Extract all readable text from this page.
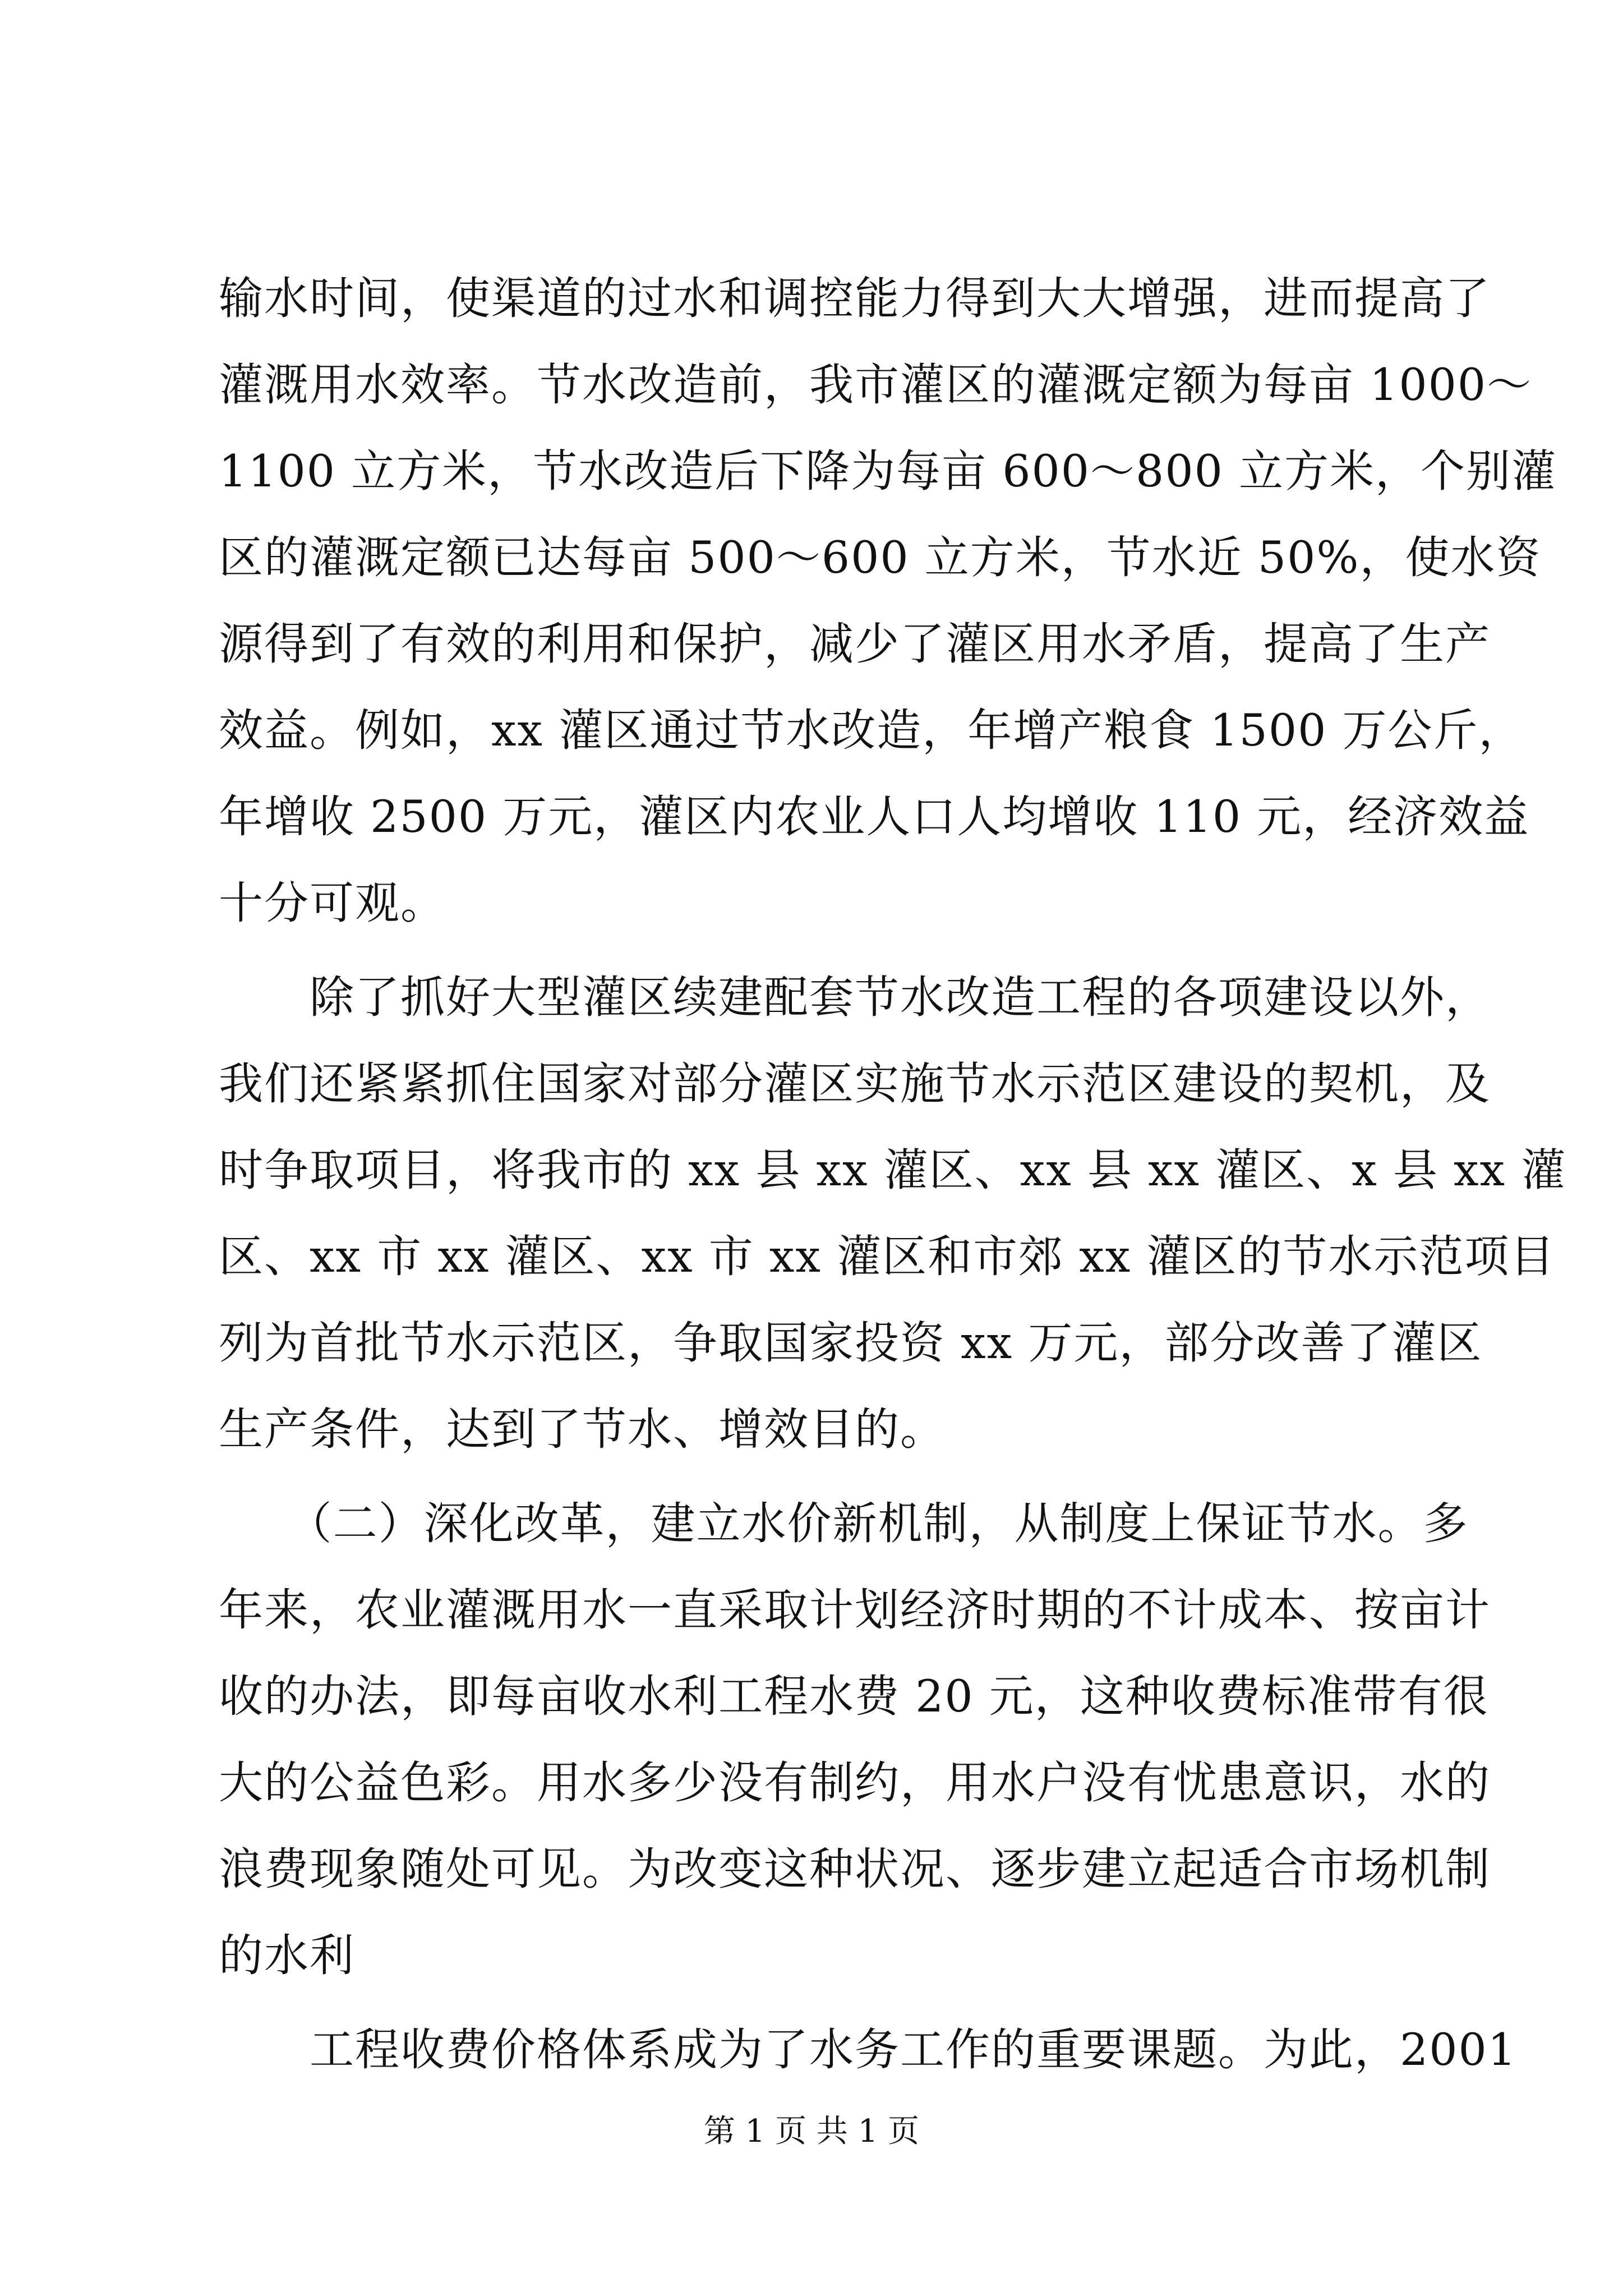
输水时间，使渠道的过水和调控能力得到大大增强，进而提高了
灌溉用水效率。节水改造前，我市灌区的灌溉定额为每亩 1000～
1100 立方米，节水改造后下降为每亩 600～800 立方米，个别灌
区的灌溉定额已达每亩 500～600 立方米，节水近 50%，使水资
源得到了有效的利用和保护，减少了灌区用水矛盾，提高了生产
效益。例如，xx 灌区通过节水改造，年增产粮食 1500 万公斤，
年增收 2500 万元，灌区内农业人口人均增收 110 元，经济效益
十分可观。
　　除了抓好大型灌区续建配套节水改造工程的各项建设以外，
我们还紧紧抓住国家对部分灌区实施节水示范区建设的契机，及
时争取项目，将我市的 xx 县 xx 灌区、xx 县 xx 灌区、x 县 xx 灌
区、xx 市 xx 灌区、xx 市 xx 灌区和市郊 xx 灌区的节水示范项目
列为首批节水示范区，争取国家投资 xx 万元，部分改善了灌区
生产条件，达到了节水、增效目的。
　　（二）深化改革，建立水价新机制，从制度上保证节水。多
年来，农业灌溉用水一直采取计划经济时期的不计成本、按亩计
收的办法，即每亩收水利工程水费 20 元，这种收费标准带有很
大的公益色彩。用水多少没有制约，用水户没有忧患意识，水的
浪费现象随处可见。为改变这种状况、逐步建立起适合市场机制
的水利
　　工程收费价格体系成为了水务工作的重要课题。为此，2001
第 1 页 共 1 页
